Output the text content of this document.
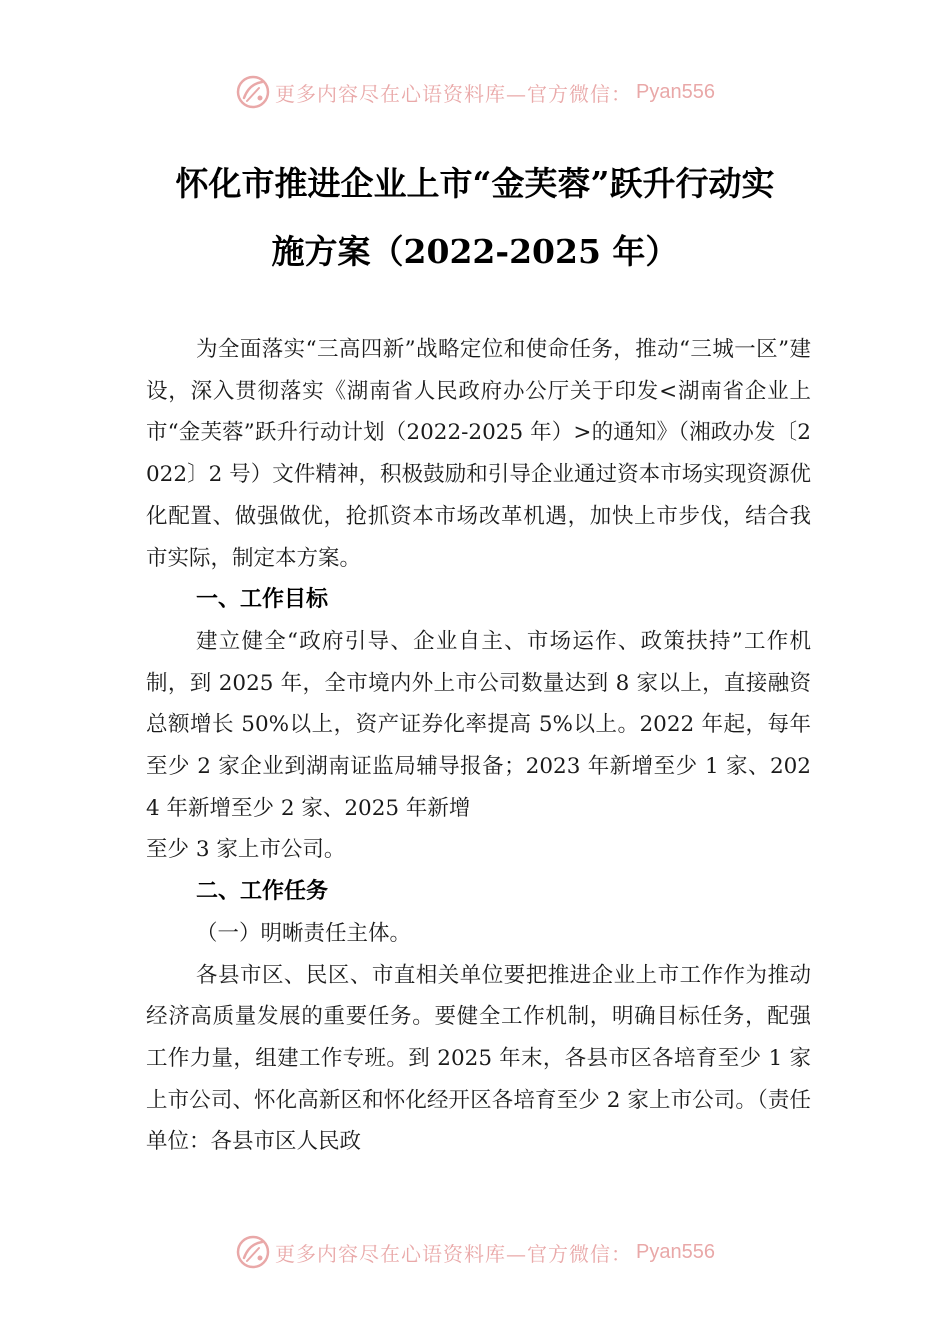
更多内容尽在心语资料库—官方微信： Pyan556
怀化市推进企业上市“金芙蓉”跃升行动实
施方案（2022-2025 年）

为全面落实“三高四新”战略定位和使命任务，推动“三城一区”建设，深入贯彻落实《湖南省人民政府办公厅关于印发<湖南省企业上市“金芙蓉”跃升行动计划（2022-2025 年）>的通知》（湘政办发〔2022〕2 号）文件精神，积极鼓励和引导企业通过资本市场实现资源优化配置、做强做优，抢抓资本市场改革机遇，加快上市步伐，结合我市实际，制定本方案。

一、工作目标

建立健全“政府引导、企业自主、市场运作、政策扶持”工作机制，到 2025 年，全市境内外上市公司数量达到 8 家以上，直接融资总额增长 50%以上，资产证券化率提高 5%以上。2022 年起，每年至少 2 家企业到湖南证监局辅导报备；2023 年新增至少 1 家、2024 年新增至少 2 家、2025 年新增

至少 3 家上市公司。

二、工作任务

（一）明晰责任主体。

各县市区、⺠区、市直相关单位要把推进企业上市工作作为推动经济高质量发展的重要任务。要健全工作机制，明确目标任务，配强工作力量，组建工作专班。到 2025 年末，各县市区各培育至少 1 家上市公司、怀化高新区和怀化经开区各培育至少 2 家上市公司。（责任单位：各县市区人民政

更多内容尽在心语资料库—官方微信： Pyan556
